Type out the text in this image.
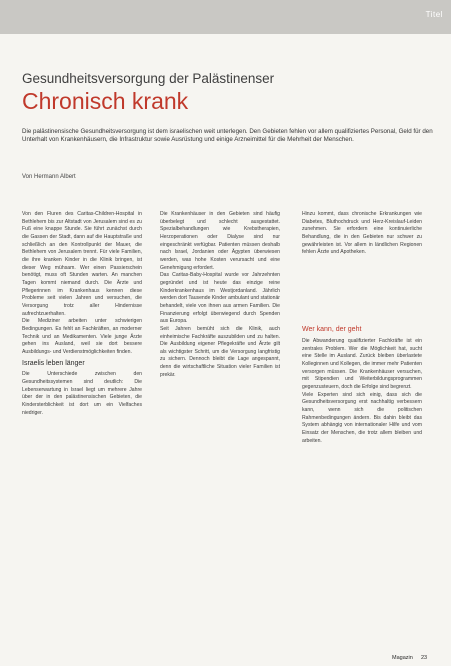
Titel
Gesundheitsversorgung der Palästinenser
Chronisch krank
Die palästinensische Gesundheitsversorgung ist dem israelischen weit unterlegen. Den Gebieten fehlen vor allem qualifiziertes Personal, Geld für den Unterhalt von Krankenhäusern, die Infrastruktur sowie Ausrüstung und einige Arzneimittel für die Mehrheit der Menschen.
Von Hermann Albert

Von den Fluren des Caritas-Children-Hospital in Bethlehem bis zur Altstadt von Jerusalem sind es zu Fuß eine knappe Stunde. Sie führt zunächst durch die Gassen der Stadt, dann auf die Hauptstraße und schließlich an den Kontrollpunkt der Mauer, die Bethlehem von Jerusalem trennt. Für viele Familien, die ihre kranken Kinder in die Klinik bringen, ist dieser Weg mühsam. Wer einen Passierschein benötigt, muss oft Stunden warten. An manchen Tagen kommt niemand durch. Die Ärzte und Pflegerinnen im Krankenhaus kennen diese Probleme seit vielen Jahren und versuchen, die Versorgung trotz aller Hindernisse aufrechtzuerhalten.

Die Mediziner arbeiten unter schwierigen Bedingungen. Es fehlt an Fachkräften, an moderner Technik und an Medikamenten. Viele junge Ärzte gehen ins Ausland, weil sie dort bessere Ausbildungs- und Verdienstmöglichkeiten finden.

Israelis leben länger

Die Unterschiede zwischen den Gesundheitssystemen sind deutlich: Die Lebenserwartung in Israel liegt um mehrere Jahre über der in den palästinensischen Gebieten, die Kindersterblichkeit ist dort um ein Vielfaches niedriger.

Die Krankenhäuser in den Gebieten sind häufig überbelegt und schlecht ausgestattet. Spezialbehandlungen wie Krebstherapien, Herzoperationen oder Dialyse sind nur eingeschränkt verfügbar. Patienten müssen deshalb nach Israel, Jordanien oder Ägypten überwiesen werden, was hohe Kosten verursacht und eine Genehmigung erfordert.

Das Caritas-Baby-Hospital wurde vor Jahrzehnten gegründet und ist heute das einzige reine Kinderkrankenhaus im Westjordanland. Jährlich werden dort Tausende Kinder ambulant und stationär behandelt, viele von ihnen aus armen Familien. Die Finanzierung erfolgt überwiegend durch Spenden aus Europa.

Seit Jahren bemüht sich die Klinik, auch einheimische Fachkräfte auszubilden und zu halten. Die Ausbildung eigener Pflegekräfte und Ärzte gilt als wichtigster Schritt, um die Versorgung langfristig zu sichern. Dennoch bleibt die Lage angespannt, denn die wirtschaftliche Situation vieler Familien ist prekär.

Hinzu kommt, dass chronische Erkrankungen wie Diabetes, Bluthochdruck und Herz-Kreislauf-Leiden zunehmen. Sie erfordern eine kontinuierliche Behandlung, die in den Gebieten nur schwer zu gewährleisten ist. Vor allem in ländlichen Regionen fehlen Ärzte und Apotheken.

Wer kann, der geht

Die Abwanderung qualifizierter Fachkräfte ist ein zentrales Problem. Wer die Möglichkeit hat, sucht eine Stelle im Ausland. Zurück bleiben überlastete Kolleginnen und Kollegen, die immer mehr Patienten versorgen müssen. Die Krankenhäuser versuchen, mit Stipendien und Weiterbildungsprogrammen gegenzusteuern, doch die Erfolge sind begrenzt.

Viele Experten sind sich einig, dass sich die Gesundheitsversorgung erst nachhaltig verbessern kann, wenn sich die politischen Rahmenbedingungen ändern. Bis dahin bleibt das System abhängig von internationaler Hilfe und vom Einsatz der Menschen, die trotz allem bleiben und arbeiten.

Magazin 23
